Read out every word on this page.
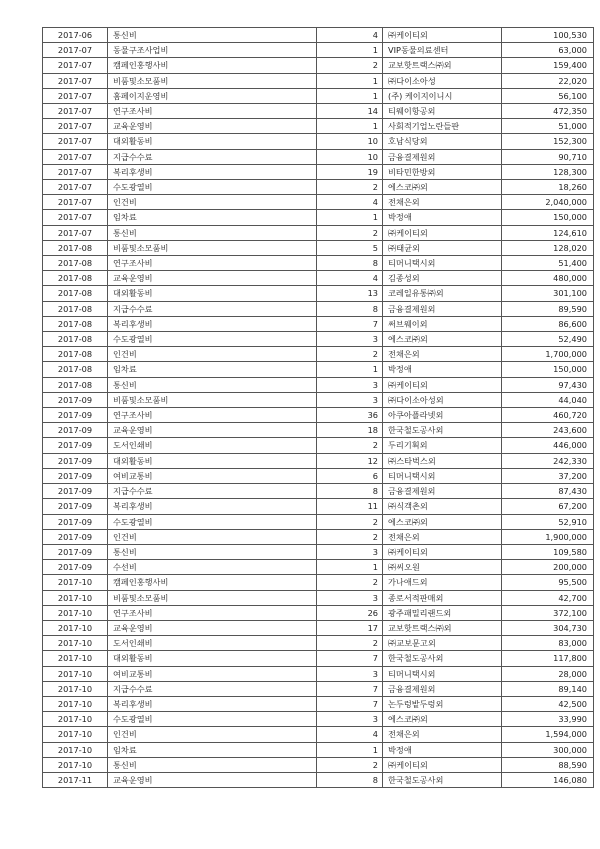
2017-06	통신비	4	㈜케이티외	100,530
2017-07	동물구조사업비	1	VIP동물의료센터	63,000
2017-07	캠페인홍행사비	2	교보핫트랙스㈜외	159,400
2017-07	비품및소모품비	1	㈜다이소아성	22,020
2017-07	홈페이지운영비	1	(주) 케이지이니시	56,100
2017-07	연구조사비	14	티웨이항공외	472,350
2017-07	교육운영비	1	사회적기업노란들판	51,000
2017-07	대외활동비	10	호남식당외	152,300
2017-07	지급수수료	10	금융결제원외	90,710
2017-07	복리후생비	19	비타민한방외	128,300
2017-07	수도광열비	2	에스코㈜외	18,260
2017-07	인건비	4	전채은외	2,040,000
2017-07	임차료	1	박정애	150,000
2017-07	통신비	2	㈜케이티외	124,610
2017-08	비품및소모품비	5	㈜태균외	128,020
2017-08	연구조사비	8	티머니택시외	51,400
2017-08	교육운영비	4	김종성외	480,000
2017-08	대외활동비	13	코레일유통㈜외	301,100
2017-08	지급수수료	8	금융결제원외	89,590
2017-08	복리후생비	7	써브웨이외	86,600
2017-08	수도광열비	3	에스코㈜외	52,490
2017-08	인건비	2	전채은외	1,700,000
2017-08	임차료	1	박정애	150,000
2017-08	통신비	3	㈜케이티외	97,430
2017-09	비품및소모품비	3	㈜다이소아성외	44,040
2017-09	연구조사비	36	아쿠아플라넷외	460,720
2017-09	교육운영비	18	한국철도공사외	243,600
2017-09	도서인쇄비	2	두리기획외	446,000
2017-09	대외활동비	12	㈜스타벅스외	242,330
2017-09	여비교통비	6	티머니택시외	37,200
2017-09	지급수수료	8	금융결제원외	87,430
2017-09	복리후생비	11	㈜식객촌외	67,200
2017-09	수도광열비	2	에스코㈜외	52,910
2017-09	인건비	2	전채은외	1,900,000
2017-09	통신비	3	㈜케이티외	109,580
2017-09	수선비	1	㈜씨오원	200,000
2017-10	캠페인홍행사비	2	가나애드외	95,500
2017-10	비품및소모품비	3	종로서적판매외	42,700
2017-10	연구조사비	26	광주패밀리랜드외	372,100
2017-10	교육운영비	17	교보핫트랙스㈜외	304,730
2017-10	도서인쇄비	2	㈜교보문고외	83,000
2017-10	대외활동비	7	한국철도공사외	117,800
2017-10	여비교통비	3	티머니택시외	28,000
2017-10	지급수수료	7	금융결제원외	89,140
2017-10	복리후생비	7	논두렁밭두렁외	42,500
2017-10	수도광열비	3	에스코㈜외	33,990
2017-10	인건비	4	전채은외	1,594,000
2017-10	임차료	1	박정애	300,000
2017-10	통신비	2	㈜케이티외	88,590
2017-11	교육운영비	8	한국철도공사외	146,080
